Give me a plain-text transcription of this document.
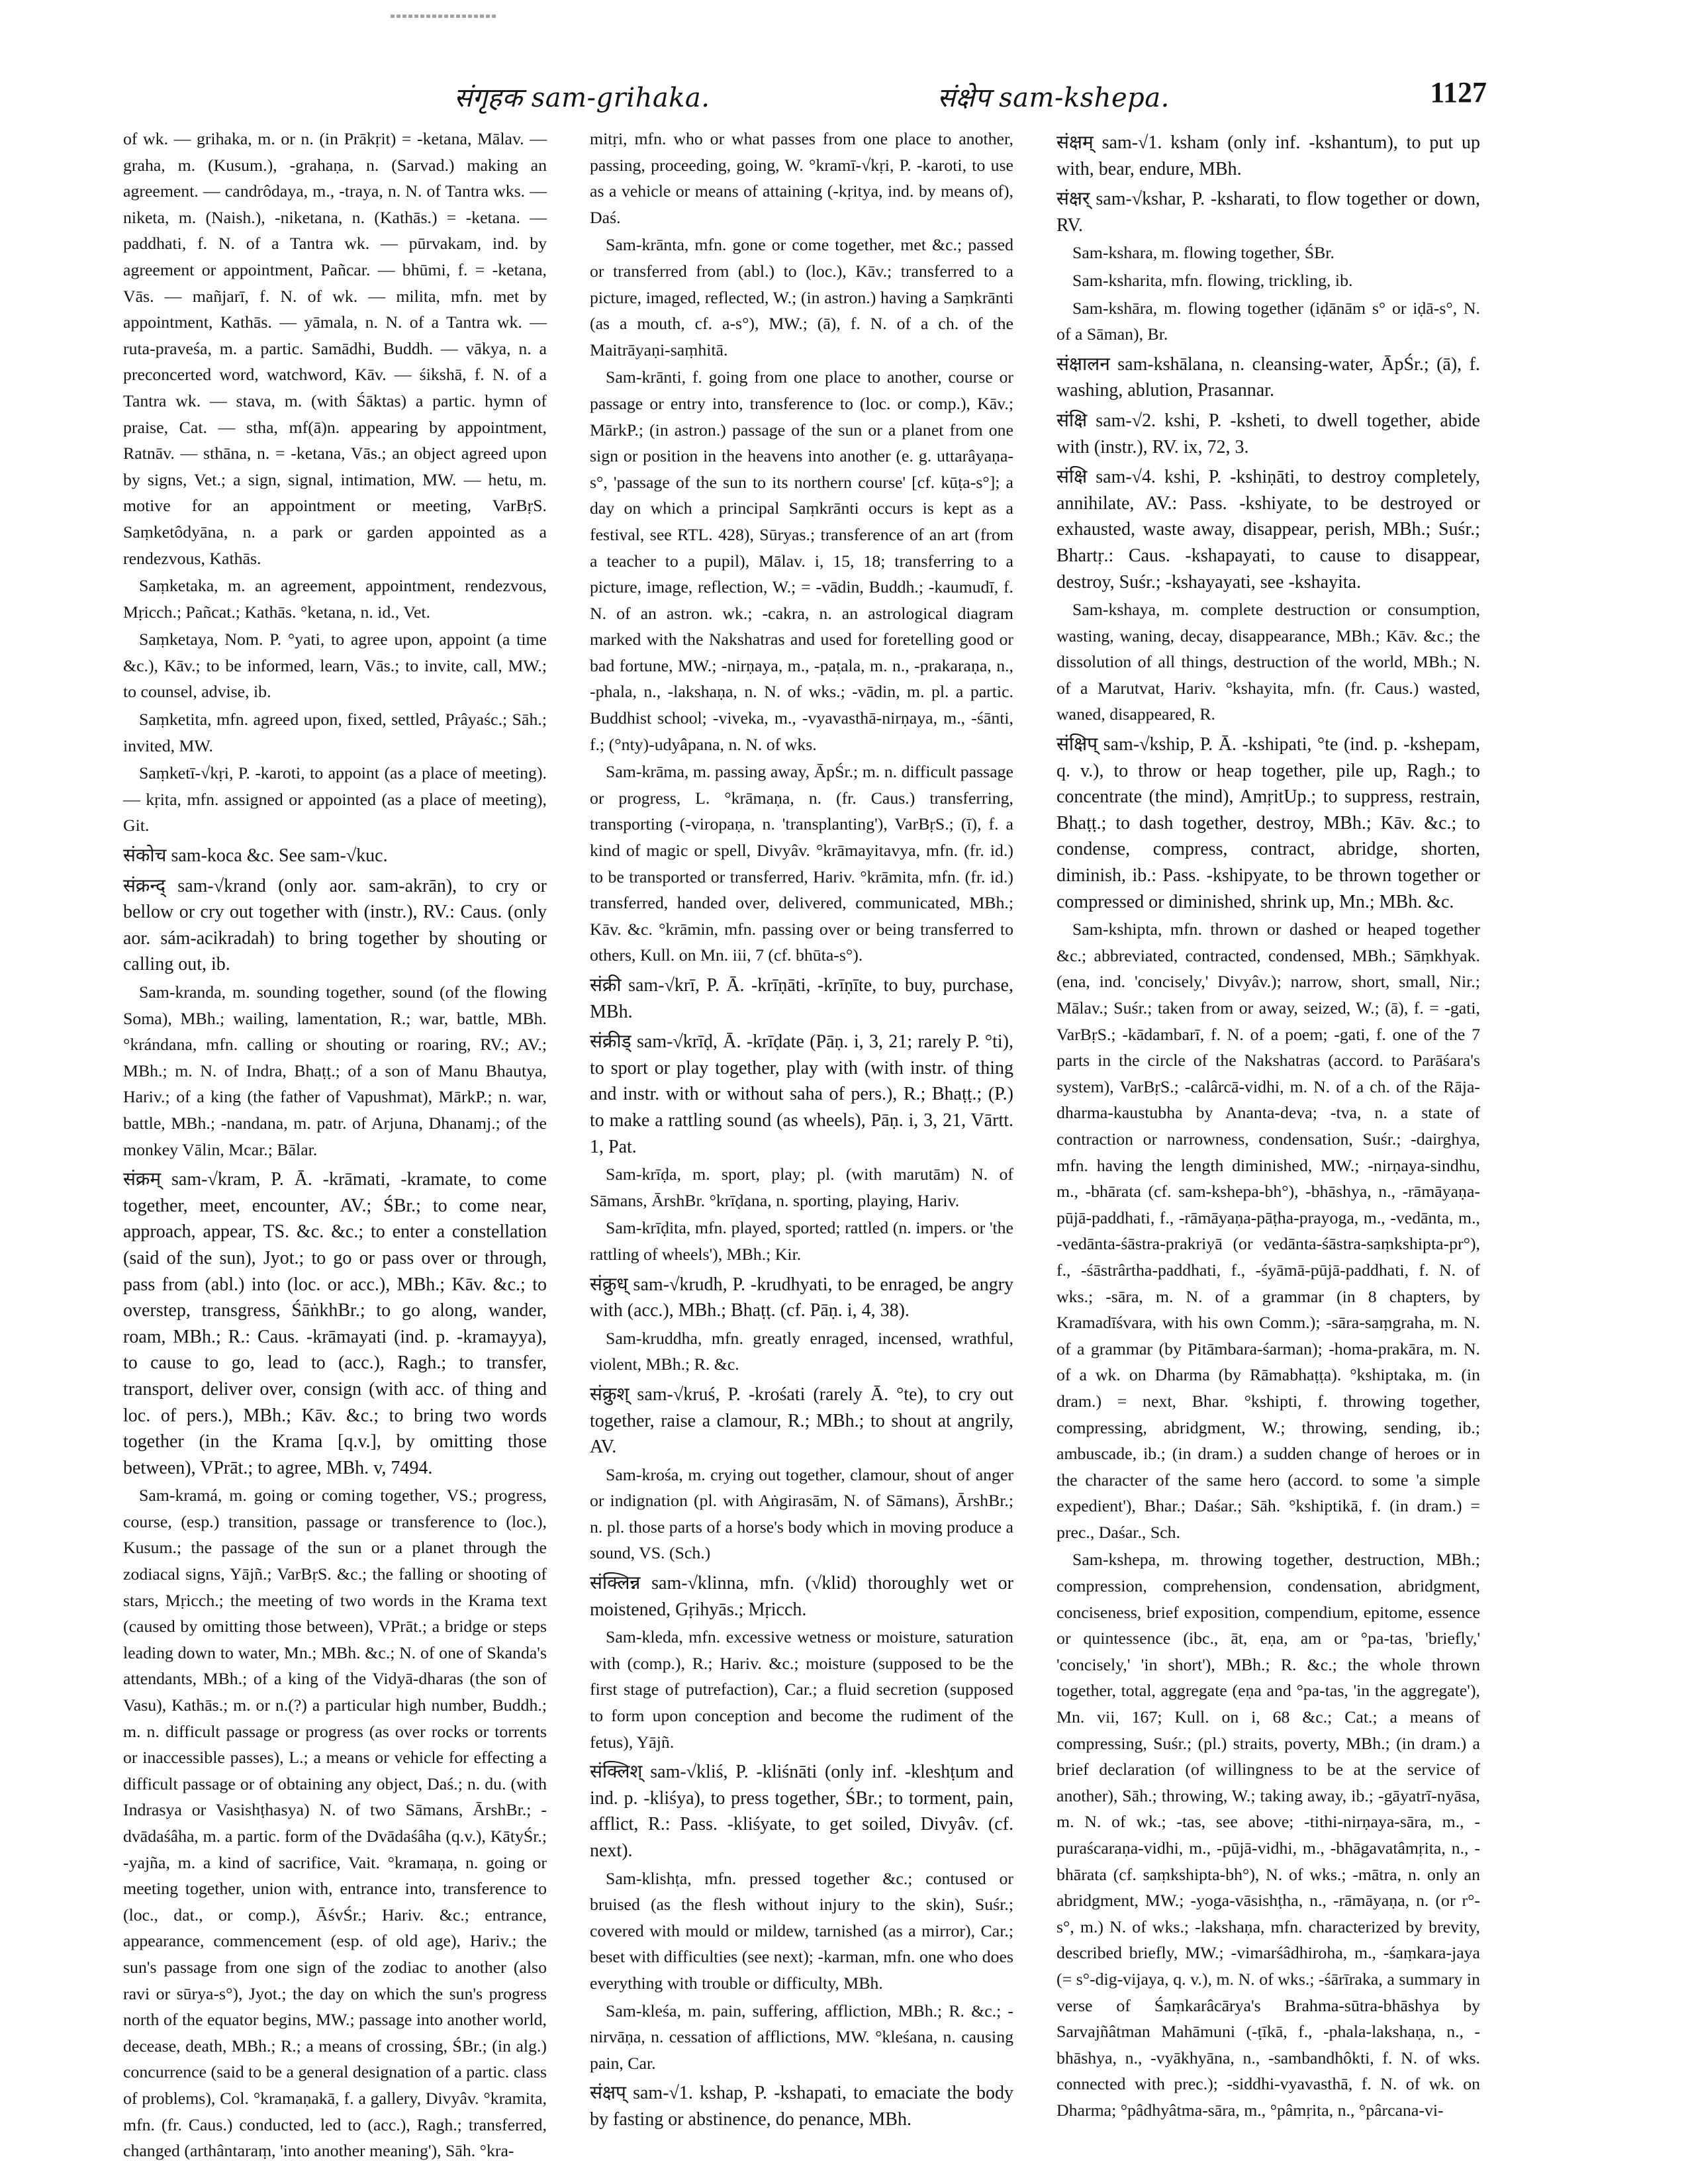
संगृहक sam-grihaka.	संक्षेप sam-kshepa.	1127

of wk. — grihaka, m. or n. (in Prākṛit) = -ketana, Mālav. — graha, m. (Kusum.), -grahaṇa, n. (Sarvad.) making an agreement. — candrôdaya, m., -traya, n. N. of Tantra wks. — niketa, m. (Naish.), -niketana, n. (Kathās.) = -ketana. — paddhati, f. N. of a Tantra wk. — pūrvakam, ind. by agreement or appointment, Pañcar. — bhūmi, f. = -ketana, Vās. — mañjarī, f. N. of wk. — milita, mfn. met by appointment, Kathās. — yāmala, n. N. of a Tantra wk. — ruta-praveśa, m. a partic. Samādhi, Buddh. — vākya, n. a preconcerted word, watchword, Kāv. — śikshā, f. N. of a Tantra wk. — stava, m. (with Śāktas) a partic. hymn of praise, Cat. — stha, mf(ā)n. appearing by appointment, Ratnāv. — sthāna, n. = -ketana, Vās.; an object agreed upon by signs, Vet.; a sign, signal, intimation, MW. — hetu, m. motive for an appointment or meeting, VarBṛS. Saṃketôdyāna, n. a park or garden appointed as a rendezvous, Kathās.

Saṃketaka, m. an agreement, appointment, rendezvous, Mṛicch.; Pañcat.; Kathās. °ketana, n. id., Vet.

Saṃketaya, Nom. P. °yati, to agree upon, appoint (a time &c.), Kāv.; to be informed, learn, Vās.; to invite, call, MW.; to counsel, advise, ib.

Saṃketita, mfn. agreed upon, fixed, settled, Prâyaśc.; Sāh.; invited, MW.

Saṃketī-√kṛi, P. -karoti, to appoint (as a place of meeting). — kṛita, mfn. assigned or appointed (as a place of meeting), Git.

संकोच sam-koca &c. See sam-√kuc.

संक्रन्द् sam-√krand (only aor. sam-akrān), to cry or bellow or cry out together with (instr.), RV.: Caus. (only aor. sám-acikradah) to bring together by shouting or calling out, ib.

Sam-kranda, m. sounding together, sound (of the flowing Soma), MBh.; wailing, lamentation, R.; war, battle, MBh. °krándana, mfn. calling or shouting or roaring, RV.; AV.; MBh.; m. N. of Indra, Bhaṭṭ.; of a son of Manu Bhautya, Hariv.; of a king (the father of Vapushmat), MārkP.; n. war, battle, MBh.; -nandana, m. patr. of Arjuna, Dhanamj.; of the monkey Vālin, Mcar.; Bālar.

संक्रम् sam-√kram, P. Ā. -krāmati, -kramate, to come together, meet, encounter, AV.; ŚBr.; to come near, approach, appear, TS. &c. &c.; to enter a constellation (said of the sun), Jyot.; to go or pass over or through, pass from (abl.) into (loc. or acc.), MBh.; Kāv. &c.; to overstep, transgress, ŚāṅkhBr.; to go along, wander, roam, MBh.; R.: Caus. -krāmayati (ind. p. -kramayya), to cause to go, lead to (acc.), Ragh.; to transfer, transport, deliver over, consign (with acc. of thing and loc. of pers.), MBh.; Kāv. &c.; to bring two words together (in the Krama [q.v.], by omitting those between), VPrāt.; to agree, MBh. v, 7494.

Sam-kramá, m. going or coming together, VS.; progress, course, (esp.) transition, passage or transference to (loc.), Kusum.; the passage of the sun or a planet through the zodiacal signs, Yājñ.; VarBṛS. &c.; the falling or shooting of stars, Mṛicch.; the meeting of two words in the Krama text (caused by omitting those between), VPrāt.; a bridge or steps leading down to water, Mn.; MBh. &c.; N. of one of Skanda's attendants, MBh.; of a king of the Vidyā-dharas (the son of Vasu), Kathās.; m. or n.(?) a particular high number, Buddh.; m. n. difficult passage or progress (as over rocks or torrents or inaccessible passes), L.; a means or vehicle for effecting a difficult passage or of obtaining any object, Daś.; n. du. (with Indrasya or Vasishṭhasya) N. of two Sāmans, ĀrshBr.; -dvādaśâha, m. a partic. form of the Dvādaśâha (q.v.), KātyŚr.; -yajña, m. a kind of sacrifice, Vait. °kramaṇa, n. going or meeting together, union with, entrance into, transference to (loc., dat., or comp.), ĀśvŚr.; Hariv. &c.; entrance, appearance, commencement (esp. of old age), Hariv.; the sun's passage from one sign of the zodiac to another (also ravi or sūrya-s°), Jyot.; the day on which the sun's progress north of the equator begins, MW.; passage into another world, decease, death, MBh.; R.; a means of crossing, ŚBr.; (in alg.) concurrence (said to be a general designation of a partic. class of problems), Col. °kramaṇakā, f. a gallery, Divyâv. °kramita, mfn. (fr. Caus.) conducted, led to (acc.), Ragh.; transferred, changed (arthântaraṃ, 'into another meaning'), Sāh. °kra-

mitṛi, mfn. who or what passes from one place to another, passing, proceeding, going, W. °kramī-√kṛi, P. -karoti, to use as a vehicle or means of attaining (-kṛitya, ind. by means of), Daś.

Sam-krānta, mfn. gone or come together, met &c.; passed or transferred from (abl.) to (loc.), Kāv.; transferred to a picture, imaged, reflected, W.; (in astron.) having a Saṃkrānti (as a mouth, cf. a-s°), MW.; (ā), f. N. of a ch. of the Maitrāyaṇi-saṃhitā.

Sam-krānti, f. going from one place to another, course or passage or entry into, transference to (loc. or comp.), Kāv.; MārkP.; (in astron.) passage of the sun or a planet from one sign or position in the heavens into another (e. g. uttarâyaṇa-s°, 'passage of the sun to its northern course' [cf. kūṭa-s°]; a day on which a principal Saṃkrānti occurs is kept as a festival, see RTL. 428), Sūryas.; transference of an art (from a teacher to a pupil), Mālav. i, 15, 18; transferring to a picture, image, reflection, W.; = -vādin, Buddh.; -kaumudī, f. N. of an astron. wk.; -cakra, n. an astrological diagram marked with the Nakshatras and used for foretelling good or bad fortune, MW.; -nirṇaya, m., -paṭala, m. n., -prakaraṇa, n., -phala, n., -lakshaṇa, n. N. of wks.; -vādin, m. pl. a partic. Buddhist school; -viveka, m., -vyavasthā-nirṇaya, m., -śānti, f.; (°nty)-udyâpana, n. N. of wks.

Sam-krāma, m. passing away, ĀpŚr.; m. n. difficult passage or progress, L. °krāmaṇa, n. (fr. Caus.) transferring, transporting (-viropaṇa, n. 'transplanting'), VarBṛS.; (ī), f. a kind of magic or spell, Divyâv. °krāmayitavya, mfn. (fr. id.) to be transported or transferred, Hariv. °krāmita, mfn. (fr. id.) transferred, handed over, delivered, communicated, MBh.; Kāv. &c. °krāmin, mfn. passing over or being transferred to others, Kull. on Mn. iii, 7 (cf. bhūta-s°).

संक्री sam-√krī, P. Ā. -krīṇāti, -krīṇīte, to buy, purchase, MBh.

संक्रीड् sam-√krīḍ, Ā. -krīḍate (Pāṇ. i, 3, 21; rarely P. °ti), to sport or play together, play with (with instr. of thing and instr. with or without saha of pers.), R.; Bhaṭṭ.; (P.) to make a rattling sound (as wheels), Pāṇ. i, 3, 21, Vārtt. 1, Pat.

Sam-krīḍa, m. sport, play; pl. (with marutām) N. of Sāmans, ĀrshBr. °krīḍana, n. sporting, playing, Hariv.

Sam-krīḍita, mfn. played, sported; rattled (n. impers. or 'the rattling of wheels'), MBh.; Kir.

संक्रुध् sam-√krudh, P. -krudhyati, to be enraged, be angry with (acc.), MBh.; Bhaṭṭ. (cf. Pāṇ. i, 4, 38).

Sam-kruddha, mfn. greatly enraged, incensed, wrathful, violent, MBh.; R. &c.

संक्रुश् sam-√kruś, P. -krośati (rarely Ā. °te), to cry out together, raise a clamour, R.; MBh.; to shout at angrily, AV.

Sam-krośa, m. crying out together, clamour, shout of anger or indignation (pl. with Aṅgirasām, N. of Sāmans), ĀrshBr.; n. pl. those parts of a horse's body which in moving produce a sound, VS. (Sch.)

संक्लिन्न sam-√klinna, mfn. (√klid) thoroughly wet or moistened, Gṛihyās.; Mṛicch.

Sam-kleda, mfn. excessive wetness or moisture, saturation with (comp.), R.; Hariv. &c.; moisture (supposed to be the first stage of putrefaction), Car.; a fluid secretion (supposed to form upon conception and become the rudiment of the fetus), Yājñ.

संक्लिश् sam-√kliś, P. -kliśnāti (only inf. -kleshṭum and ind. p. -kliśya), to press together, ŚBr.; to torment, pain, afflict, R.: Pass. -kliśyate, to get soiled, Divyâv. (cf. next).

Sam-klishṭa, mfn. pressed together &c.; contused or bruised (as the flesh without injury to the skin), Suśr.; covered with mould or mildew, tarnished (as a mirror), Car.; beset with difficulties (see next); -karman, mfn. one who does everything with trouble or difficulty, MBh.

Sam-kleśa, m. pain, suffering, affliction, MBh.; R. &c.; -nirvāṇa, n. cessation of afflictions, MW. °kleśana, n. causing pain, Car.

संक्षप् sam-√1. kshap, P. -kshapati, to emaciate the body by fasting or abstinence, do penance, MBh.

संक्षम् sam-√1. ksham (only inf. -kshantum), to put up with, bear, endure, MBh.

संक्षर् sam-√kshar, P. -ksharati, to flow together or down, RV.

Sam-kshara, m. flowing together, ŚBr.

Sam-ksharita, mfn. flowing, trickling, ib.

Sam-kshāra, m. flowing together (iḍānām s° or iḍā-s°, N. of a Sāman), Br.

संक्षालन sam-kshālana, n. cleansing-water, ĀpŚr.; (ā), f. washing, ablution, Prasannar.

संक्षि sam-√2. kshi, P. -ksheti, to dwell together, abide with (instr.), RV. ix, 72, 3.

संक्षि sam-√4. kshi, P. -kshiṇāti, to destroy completely, annihilate, AV.: Pass. -kshiyate, to be destroyed or exhausted, waste away, disappear, perish, MBh.; Suśr.; Bhartṛ.: Caus. -kshapayati, to cause to disappear, destroy, Suśr.; -kshayayati, see -kshayita.

Sam-kshaya, m. complete destruction or consumption, wasting, waning, decay, disappearance, MBh.; Kāv. &c.; the dissolution of all things, destruction of the world, MBh.; N. of a Marutvat, Hariv. °kshayita, mfn. (fr. Caus.) wasted, waned, disappeared, R.

संक्षिप् sam-√kship, P. Ā. -kshipati, °te (ind. p. -kshepam, q. v.), to throw or heap together, pile up, Ragh.; to concentrate (the mind), AmṛitUp.; to suppress, restrain, Bhaṭṭ.; to dash together, destroy, MBh.; Kāv. &c.; to condense, compress, contract, abridge, shorten, diminish, ib.: Pass. -kshipyate, to be thrown together or compressed or diminished, shrink up, Mn.; MBh. &c.

Sam-kshipta, mfn. thrown or dashed or heaped together &c.; abbreviated, contracted, condensed, MBh.; Sāṃkhyak. (ena, ind. 'concisely,' Divyâv.); narrow, short, small, Nir.; Mālav.; Suśr.; taken from or away, seized, W.; (ā), f. = -gati, VarBṛS.; -kādambarī, f. N. of a poem; -gati, f. one of the 7 parts in the circle of the Nakshatras (accord. to Parāśara's system), VarBṛS.; -calârcā-vidhi, m. N. of a ch. of the Rāja-dharma-kaustubha by Ananta-deva; -tva, n. a state of contraction or narrowness, condensation, Suśr.; -dairghya, mfn. having the length diminished, MW.; -nirṇaya-sindhu, m., -bhārata (cf. sam-kshepa-bh°), -bhāshya, n., -rāmāyaṇa-pūjā-paddhati, f., -rāmāyaṇa-pāṭha-prayoga, m., -vedānta, m., -vedānta-śāstra-prakriyā (or vedānta-śāstra-saṃkshipta-pr°), f., -śāstrârtha-paddhati, f., -śyāmā-pūjā-paddhati, f. N. of wks.; -sāra, m. N. of a grammar (in 8 chapters, by Kramadīśvara, with his own Comm.); -sāra-saṃgraha, m. N. of a grammar (by Pitāmbara-śarman); -homa-prakāra, m. N. of a wk. on Dharma (by Rāmabhaṭṭa). °kshiptaka, m. (in dram.) = next, Bhar. °kshipti, f. throwing together, compressing, abridgment, W.; throwing, sending, ib.; ambuscade, ib.; (in dram.) a sudden change of heroes or in the character of the same hero (accord. to some 'a simple expedient'), Bhar.; Daśar.; Sāh. °kshiptikā, f. (in dram.) = prec., Daśar., Sch.

Sam-kshepa, m. throwing together, destruction, MBh.; compression, comprehension, condensation, abridgment, conciseness, brief exposition, compendium, epitome, essence or quintessence (ibc., āt, eṇa, am or °pa-tas, 'briefly,' 'concisely,' 'in short'), MBh.; R. &c.; the whole thrown together, total, aggregate (eṇa and °pa-tas, 'in the aggregate'), Mn. vii, 167; Kull. on i, 68 &c.; Cat.; a means of compressing, Suśr.; (pl.) straits, poverty, MBh.; (in dram.) a brief declaration (of willingness to be at the service of another), Sāh.; throwing, W.; taking away, ib.; -gāyatrī-nyāsa, m. N. of wk.; -tas, see above; -tithi-nirṇaya-sāra, m., -puraścaraṇa-vidhi, m., -pūjā-vidhi, m., -bhāgavatâmṛita, n., -bhārata (cf. saṃkshipta-bh°), N. of wks.; -mātra, n. only an abridgment, MW.; -yoga-vāsishṭha, n., -rāmāyaṇa, n. (or r°-s°, m.) N. of wks.; -lakshaṇa, mfn. characterized by brevity, described briefly, MW.; -vimarśâdhiroha, m., -śaṃkara-jaya (= s°-dig-vijaya, q. v.), m. N. of wks.; -śārīraka, a summary in verse of Śaṃkarâcārya's Brahma-sūtra-bhāshya by Sarvajñâtman Mahāmuni (-ṭīkā, f., -phala-lakshaṇa, n., -bhāshya, n., -vyākhyāna, n., -sambandhôkti, f. N. of wks. connected with prec.); -siddhi-vyavasthā, f. N. of wk. on Dharma; °pâdhyâtma-sāra, m., °pâmṛita, n., °pârcana-vi-
